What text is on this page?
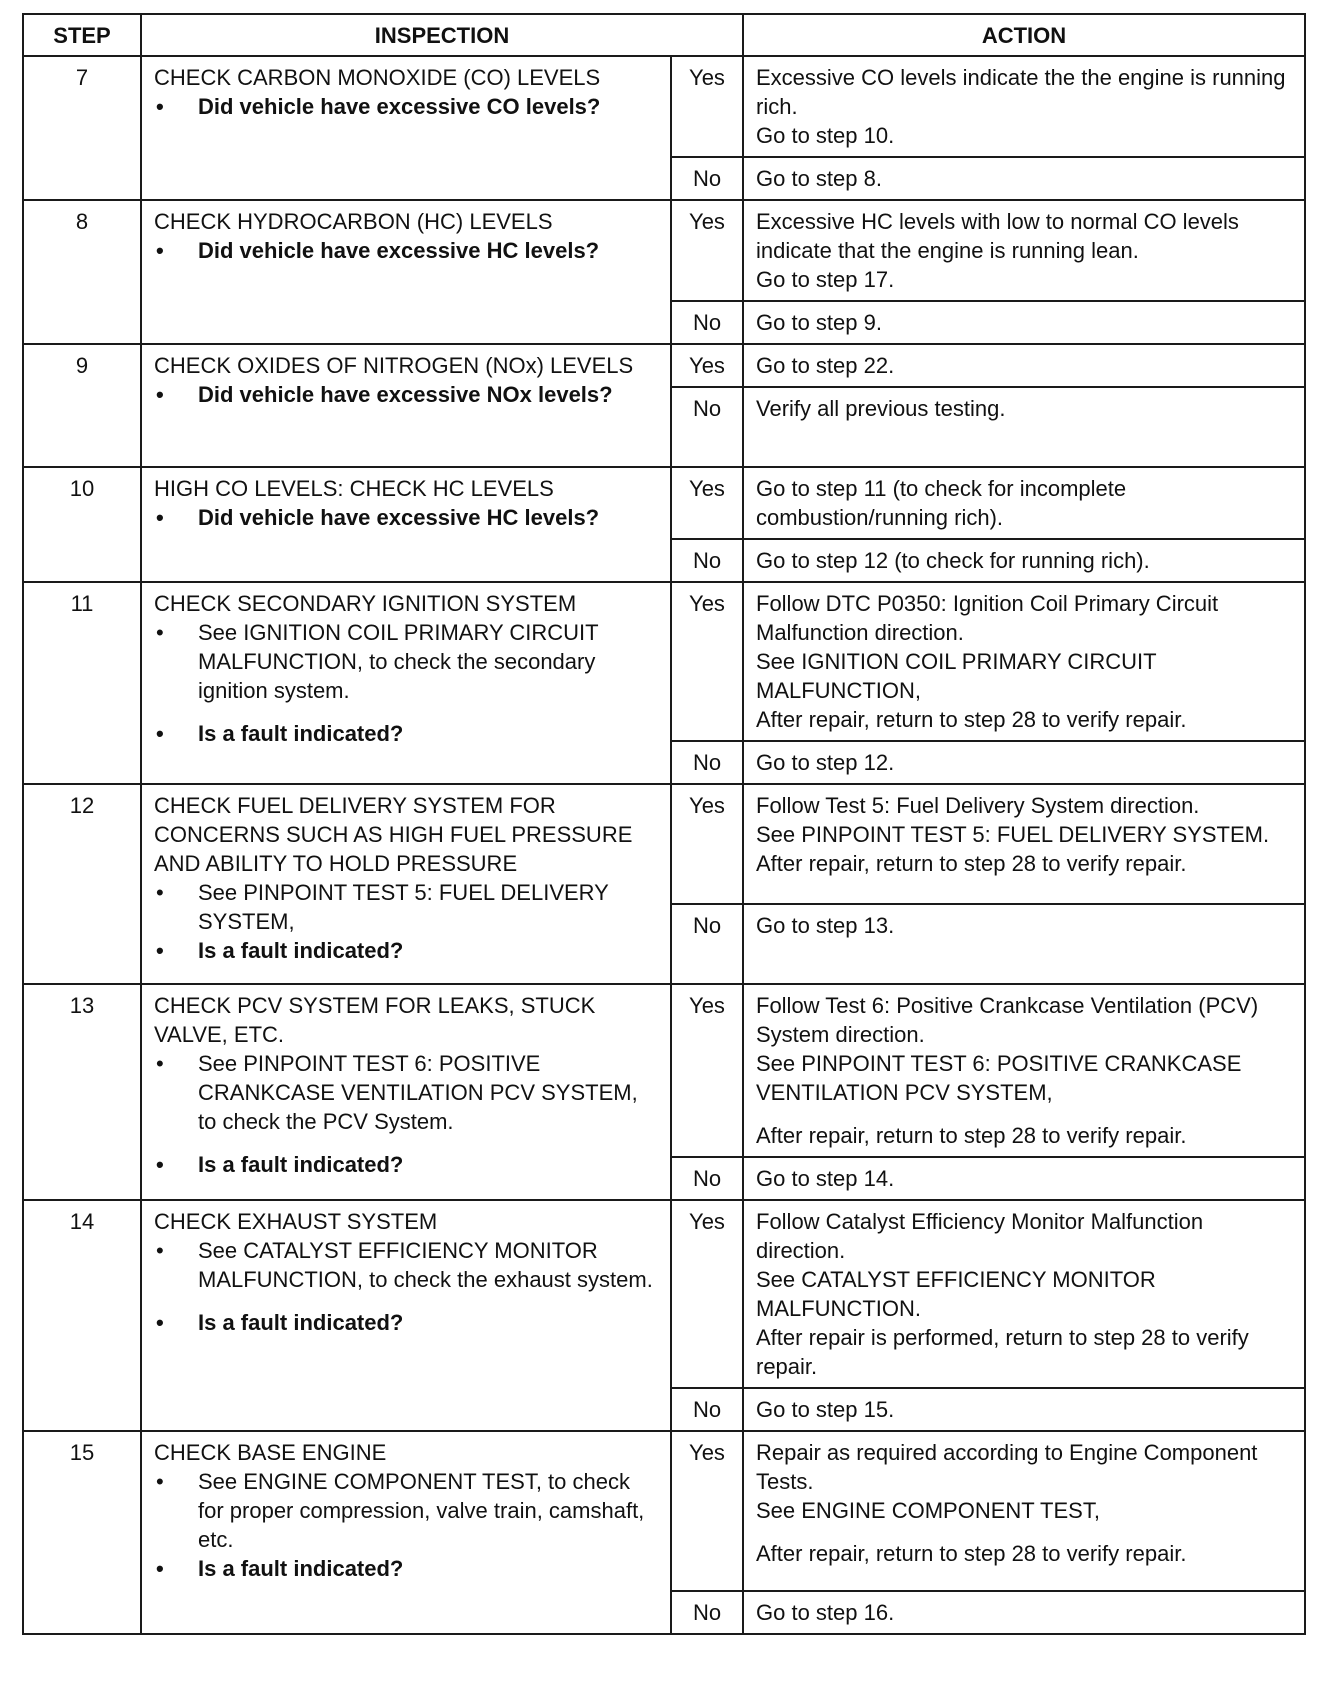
STEP	INSPECTION		ACTION
7	CHECK CARBON MONOXIDE (CO) LEVELS
• Did vehicle have excessive CO levels?	Yes	Excessive CO levels indicate the the engine is running rich.
Go to step 10.

		No	Go to step 8.

8	CHECK HYDROCARBON (HC) LEVELS
• Did vehicle have excessive HC levels?	Yes	Excessive HC levels with low to normal CO levels indicate that the engine is running lean.
Go to step 17.

		No	Go to step 9.

9	CHECK OXIDES OF NITROGEN (NOx) LEVELS
• Did vehicle have excessive NOx levels?	Yes	Go to step 22.

		No	Verify all previous testing.

10	HIGH CO LEVELS: CHECK HC LEVELS
• Did vehicle have excessive HC levels?	Yes	Go to step 11 (to check for incomplete combustion/running rich).

		No	Go to step 12 (to check for running rich).

11	CHECK SECONDARY IGNITION SYSTEM
• See IGNITION COIL PRIMARY CIRCUIT MALFUNCTION, to check the secondary ignition system.
• Is a fault indicated?	Yes	Follow DTC P0350: Ignition Coil Primary Circuit Malfunction direction.
See IGNITION COIL PRIMARY CIRCUIT MALFUNCTION,
After repair, return to step 28 to verify repair.

		No	Go to step 12.

12	CHECK FUEL DELIVERY SYSTEM FOR CONCERNS SUCH AS HIGH FUEL PRESSURE AND ABILITY TO HOLD PRESSURE
• See PINPOINT TEST 5: FUEL DELIVERY SYSTEM,
• Is a fault indicated?	Yes	Follow Test 5: Fuel Delivery System direction.
See PINPOINT TEST 5: FUEL DELIVERY SYSTEM.
After repair, return to step 28 to verify repair.

		No	Go to step 13.

13	CHECK PCV SYSTEM FOR LEAKS, STUCK VALVE, ETC.
• See PINPOINT TEST 6: POSITIVE CRANKCASE VENTILATION PCV SYSTEM, to check the PCV System.
• Is a fault indicated?	Yes	Follow Test 6: Positive Crankcase Ventilation (PCV) System direction.
See PINPOINT TEST 6: POSITIVE CRANKCASE VENTILATION PCV SYSTEM,
After repair, return to step 28 to verify repair.

		No	Go to step 14.

14	CHECK EXHAUST SYSTEM
• See CATALYST EFFICIENCY MONITOR MALFUNCTION, to check the exhaust system.
• Is a fault indicated?	Yes	Follow Catalyst Efficiency Monitor Malfunction direction.
See CATALYST EFFICIENCY MONITOR MALFUNCTION.
After repair is performed, return to step 28 to verify repair.

		No	Go to step 15.

15	CHECK BASE ENGINE
• See ENGINE COMPONENT TEST, to check for proper compression, valve train, camshaft, etc.
• Is a fault indicated?	Yes	Repair as required according to Engine Component Tests.
See ENGINE COMPONENT TEST,
After repair, return to step 28 to verify repair.

		No	Go to step 16.
